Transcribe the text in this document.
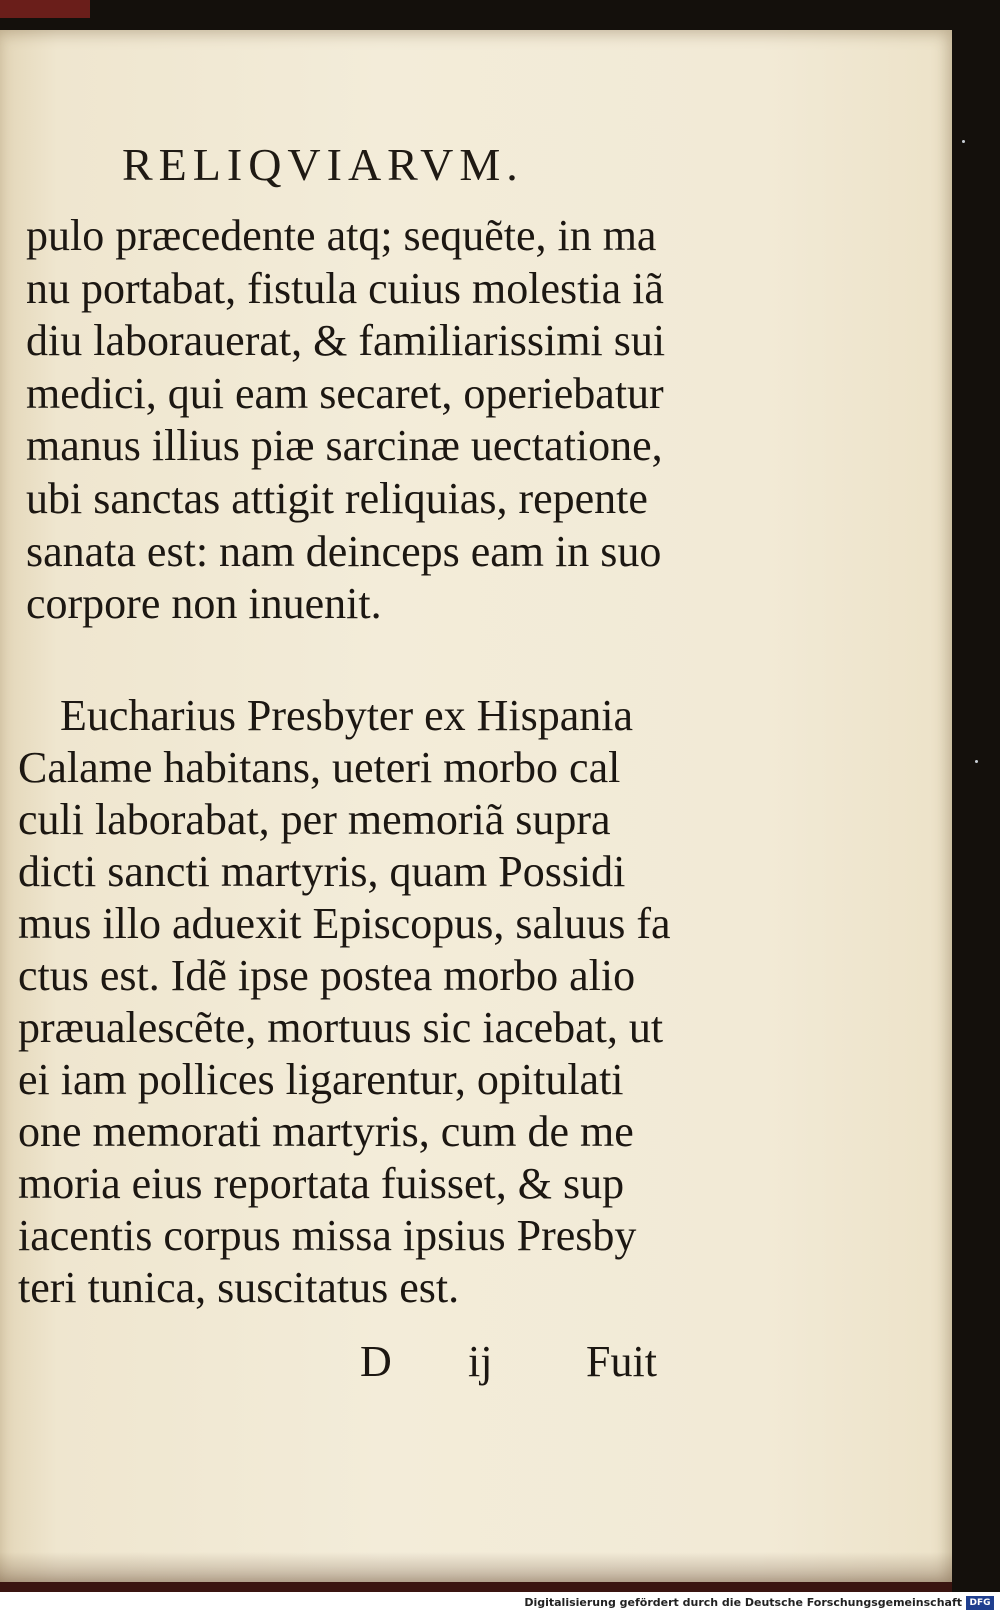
RELIQVIARVM.
pulo præcedente atq; sequẽte, in ma
nu portabat, fistula cuius molestia iã
diu laborauerat, & familiarissimi sui
medici, qui eam secaret, operiebatur
manus illius piæ sarcinæ uectatione,
ubi sanctas attigit reliquias, repente
sanata est: nam deinceps eam in suo
corpore non inuenit.
Eucharius Presbyter ex Hispania
Calame habitans, ueteri morbo cal
culi laborabat, per memoriã supra
dicti sancti martyris, quam Possidi
mus illo aduexit Episcopus, saluus fa
ctus est. Idẽ ipse postea morbo alio
præualescẽte, mortuus sic iacebat, ut
ei iam pollices ligarentur, opitulati
one memorati martyris, cum de me
moria eius reportata fuisset, & sup
iacentis corpus missa ipsius Presby
teri tunica, suscitatus est.
D ij Fuit
Digitalisierung gefördert durch die Deutsche Forschungsgemeinschaft DFG
